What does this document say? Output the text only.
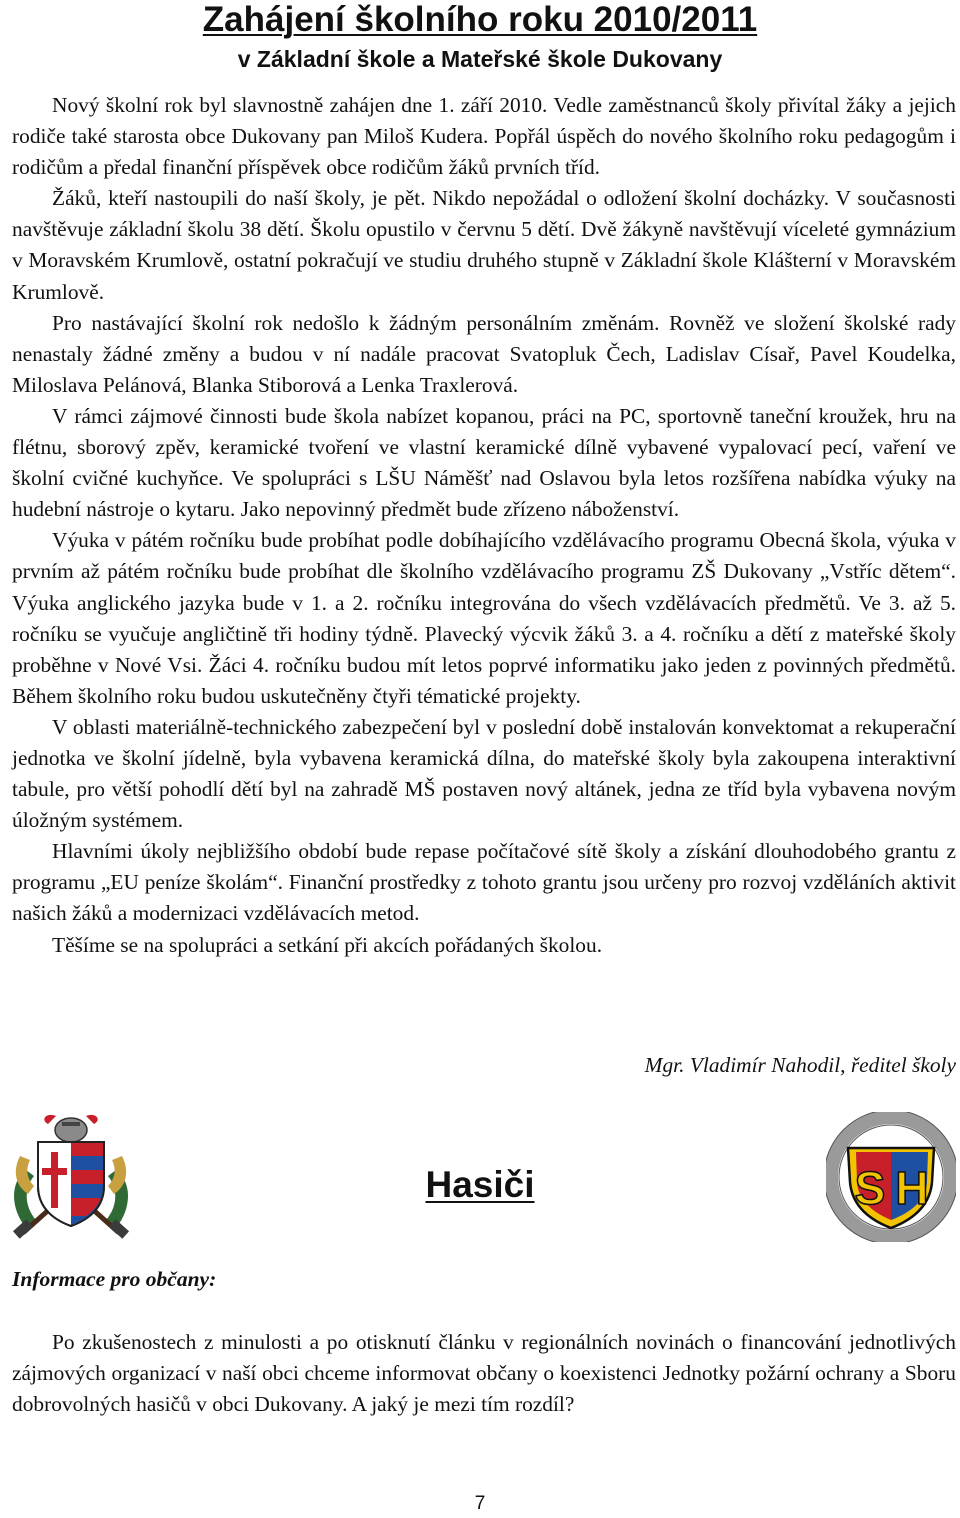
Zahájení školního roku 2010/2011
v Základní škole a Mateřské škole Dukovany

Nový školní rok byl slavnostně zahájen dne 1. září 2010. Vedle zaměstnanců školy přivítal žáky a jejich rodiče také starosta obce Dukovany pan Miloš Kudera. Popřál úspěch do nového školního roku pedagogům i rodičům a předal finanční příspěvek obce rodičům žáků prvních tříd.

Žáků, kteří nastoupili do naší školy, je pět. Nikdo nepožádal o odložení školní docházky. V současnosti navštěvuje základní školu 38 dětí. Školu opustilo v červnu 5 dětí. Dvě žákyně navštěvují víceleté gymnázium v Moravském Krumlově, ostatní pokračují ve studiu druhého stupně v Základní škole Klášterní v Moravském Krumlově.

Pro nastávající školní rok nedošlo k žádným personálním změnám. Rovněž ve složení školské rady nenastaly žádné změny a budou v ní nadále pracovat Svatopluk Čech, Ladislav Císař, Pavel Koudelka, Miloslava Pelánová, Blanka Stiborová a Lenka Traxlerová.

V rámci zájmové činnosti bude škola nabízet kopanou, práci na PC, sportovně taneční kroužek, hru na flétnu, sborový zpěv, keramické tvoření ve vlastní keramické dílně vybavené vypalovací pecí, vaření ve školní cvičné kuchyňce. Ve spolupráci s LŠU Náměšť nad Oslavou byla letos rozšířena nabídka výuky na hudební nástroje o kytaru. Jako nepovinný předmět bude zřízeno náboženství.

Výuka v pátém ročníku bude probíhat podle dobíhajícího vzdělávacího programu Obecná škola, výuka v prvním až pátém ročníku bude probíhat dle školního vzdělávacího programu ZŠ Dukovany „Vstříc dětem“. Výuka anglického jazyka bude v 1. a 2. ročníku integrována do všech vzdělávacích předmětů. Ve 3. až 5. ročníku se vyučuje angličtině tři hodiny týdně. Plavecký výcvik žáků 3. a 4. ročníku a dětí z mateřské školy proběhne v Nové Vsi. Žáci 4. ročníku budou mít letos poprvé informatiku jako jeden z povinných předmětů. Během školního roku budou uskutečněny čtyři tématické projekty.

V oblasti materiálně-technického zabezpečení byl v poslední době instalován konvektomat a rekuperační jednotka ve školní jídelně, byla vybavena keramická dílna, do mateřské školy byla zakoupena interaktivní tabule, pro větší pohodlí dětí byl na zahradě MŠ postaven nový altánek, jedna ze tříd byla vybavena novým úložným systémem.

Hlavními úkoly nejbližšího období bude repase počítačové sítě školy a získání dlouhodobého grantu z programu „EU peníze školám“. Finanční prostředky z tohoto grantu jsou určeny pro rozvoj vzděláních aktivit našich žáků a modernizaci vzdělávacích metod.

Těšíme se na spolupráci a setkání při akcích pořádaných školou.

Mgr. Vladimír Nahodil, ředitel školy

Hasiči	S H

Informace pro občany:

Po zkušenostech z minulosti a po otisknutí článku v regionálních novinách o financování jednotlivých zájmových organizací v naší obci chceme informovat občany o koexistenci Jednotky požární ochrany a Sboru dobrovolných hasičů v obci Dukovany. A jaký je mezi tím rozdíl?

7
